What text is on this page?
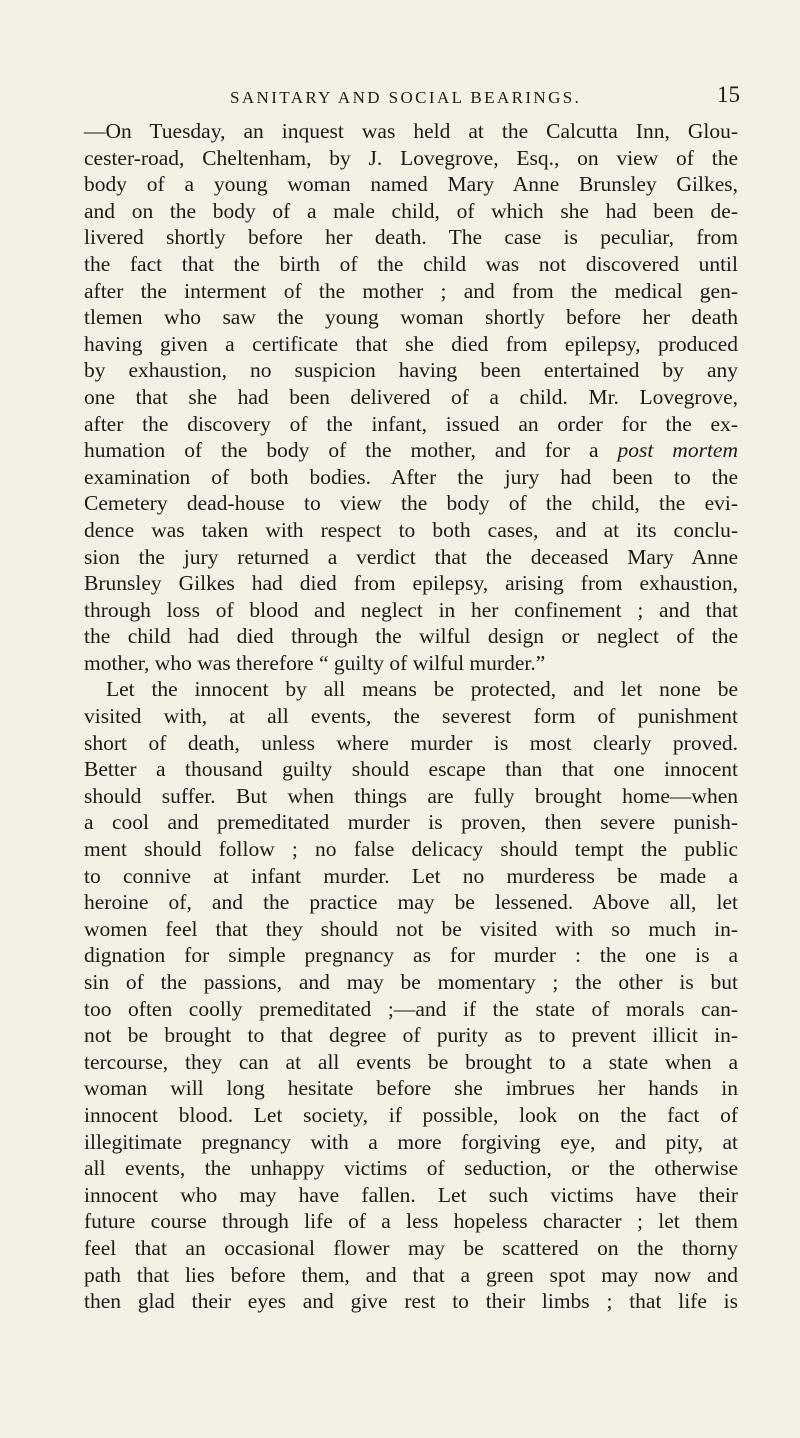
SANITARY AND SOCIAL BEARINGS.	15
—On Tuesday, an inquest was held at the Calcutta Inn, Glou-
cester-road, Cheltenham, by J. Lovegrove, Esq., on view of the
body of a young woman named Mary Anne Brunsley Gilkes,
and on the body of a male child, of which she had been de-
livered shortly before her death. The case is peculiar, from
the fact that the birth of the child was not discovered until
after the interment of the mother ; and from the medical gen-
tlemen who saw the young woman shortly before her death
having given a certificate that she died from epilepsy, produced
by exhaustion, no suspicion having been entertained by any
one that she had been delivered of a child. Mr. Lovegrove,
after the discovery of the infant, issued an order for the ex-
humation of the body of the mother, and for a post mortem
examination of both bodies. After the jury had been to the
Cemetery dead-house to view the body of the child, the evi-
dence was taken with respect to both cases, and at its conclu-
sion the jury returned a verdict that the deceased Mary Anne
Brunsley Gilkes had died from epilepsy, arising from exhaustion,
through loss of blood and neglect in her confinement ; and that
the child had died through the wilful design or neglect of the
mother, who was therefore “ guilty of wilful murder.”
Let the innocent by all means be protected, and let none be
visited with, at all events, the severest form of punishment
short of death, unless where murder is most clearly proved.
Better a thousand guilty should escape than that one innocent
should suffer. But when things are fully brought home—when
a cool and premeditated murder is proven, then severe punish-
ment should follow ; no false delicacy should tempt the public
to connive at infant murder. Let no murderess be made a
heroine of, and the practice may be lessened. Above all, let
women feel that they should not be visited with so much in-
dignation for simple pregnancy as for murder : the one is a
sin of the passions, and may be momentary ; the other is but
too often coolly premeditated ;—and if the state of morals can-
not be brought to that degree of purity as to prevent illicit in-
tercourse, they can at all events be brought to a state when a
woman will long hesitate before she imbrues her hands in
innocent blood. Let society, if possible, look on the fact of
illegitimate pregnancy with a more forgiving eye, and pity, at
all events, the unhappy victims of seduction, or the otherwise
innocent who may have fallen. Let such victims have their
future course through life of a less hopeless character ; let them
feel that an occasional flower may be scattered on the thorny
path that lies before them, and that a green spot may now and
then glad their eyes and give rest to their limbs ; that life is
